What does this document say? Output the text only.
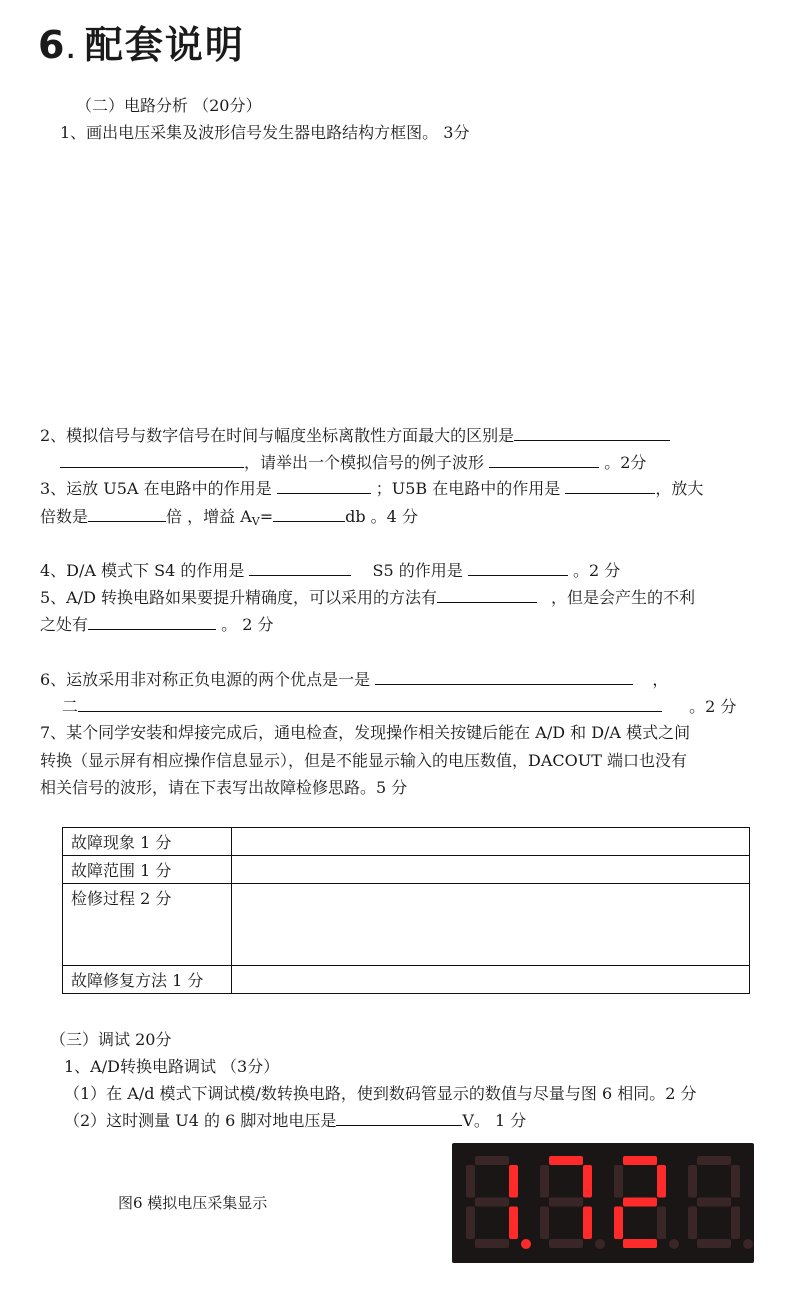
6. 配套说明
（二）电路分析 （20分）
1、画出电压采集及波形信号发生器电路结构方框图。 3分
2、模拟信号与数字信号在时间与幅度坐标离散性方面最大的区别是
，请举出一个模拟信号的例子波形	。2分
3、运放 U5A 在电路中的作用是	；U5B 在电路中的作用是	，放大
倍数是	倍 ，增益 $A_V=$	db 。4 分
4、D/A 模式下 S4 的作用是	S5 的作用是	。2 分
5、A/D 转换电路如果要提升精确度，可以采用的方法有	，但是会产生的不利
之处有	。 2 分
6、运放采用非对称正负电源的两个优点是一是	，
二	。2 分
7、某个同学安装和焊接完成后，通电检查，发现操作相关按键后能在 A/D 和 D/A 模式之间
转换（显示屏有相应操作信息显示），但是不能显示输入的电压数值，DACOUT 端口也没有
相关信号的波形，请在下表写出故障检修思路。5 分
故障现象 1 分	
故障范围 1 分	
检修过程 2 分	
故障修复方法 1 分	
（三）调试 20分
1、A/D转换电路调试 （3分）
（1）在 A/d 模式下调试模/数转换电路，使到数码管显示的数值与尽量与图 6 相同。2 分
（2）这时测量 U4 的 6 脚对地电压是	V。 1 分
图6 模拟电压采集显示
